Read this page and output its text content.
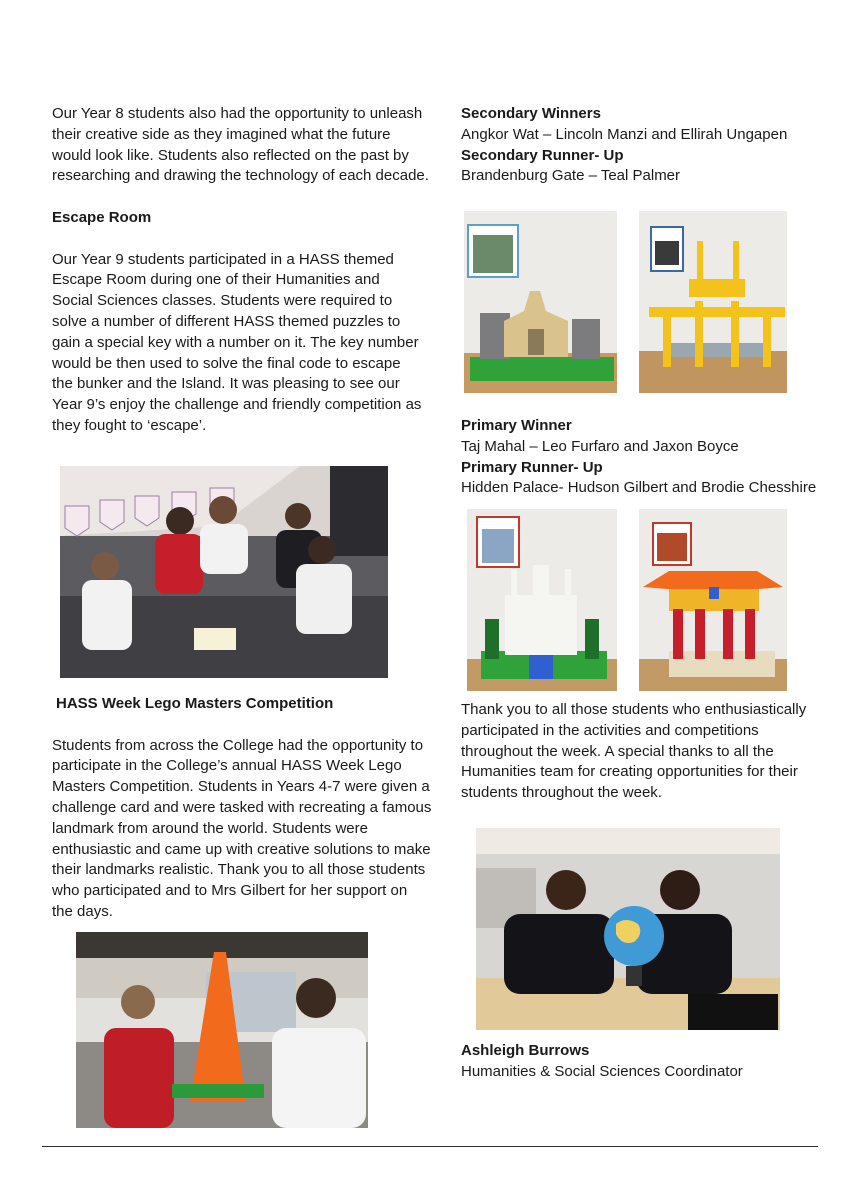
Our Year 8 students also had the opportunity to unleash their creative side as they imagined what the future would look like. Students also reflected on the past by researching and drawing the technology of each decade.

Escape Room

Our Year 9 students participated in a HASS themed Escape Room during one of their Humanities and Social Sciences classes. Students were required to solve a number of different HASS themed puzzles to gain a special key with a number on it. The key number would be then used to solve the final code to escape the bunker and the Island. It was pleasing to see our Year 9’s enjoy the challenge and friendly competition as they fought to ‘escape’.

HASS Week Lego Masters Competition

Students from across the College had the opportunity to participate in the College’s annual HASS Week Lego Masters Competition. Students in Years 4-7 were given a challenge card and were tasked with recreating a famous landmark from around the world. Students were enthusiastic and came up with creative solutions to make their landmarks realistic. Thank you to all those students who participated and to Mrs Gilbert for her support on the days.

Secondary Winners

Angkor Wat – Lincoln Manzi and Ellirah Ungapen

Secondary Runner- Up

Brandenburg Gate – Teal Palmer

Primary Winner

Taj Mahal – Leo Furfaro and Jaxon Boyce

Primary Runner- Up

Hidden Palace- Hudson Gilbert and Brodie Chesshire

Thank you to all those students who enthusiastically participated in the activities and competitions throughout the week. A special thanks to all the Humanities team for creating opportunities for their students throughout the week.

Ashleigh Burrows

Humanities & Social Sciences Coordinator
